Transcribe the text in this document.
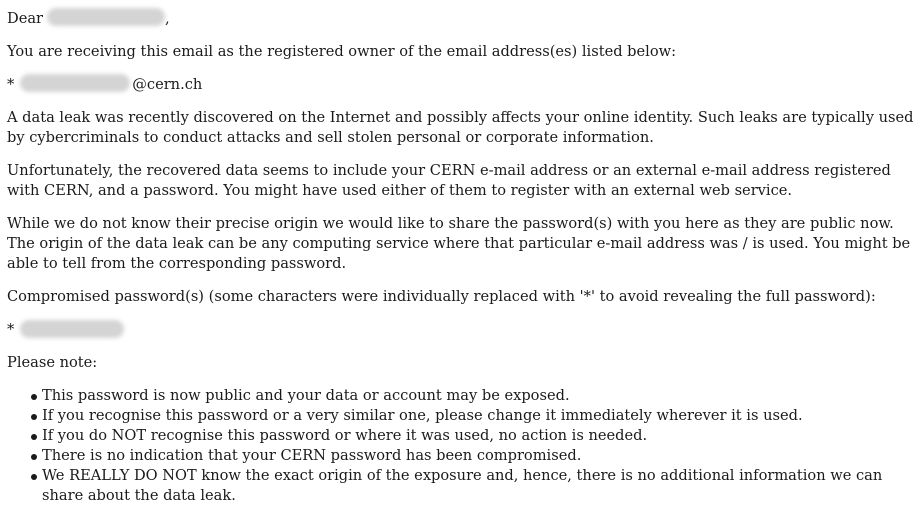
Dear	,

You are receiving this email as the registered owner of the email address(es) listed below:

*	@cern.ch

A data leak was recently discovered on the Internet and possibly affects your online identity. Such leaks are typically used by cybercriminals to conduct attacks and sell stolen personal or corporate information.

Unfortunately, the recovered data seems to include your CERN e-mail address or an external e-mail address registered with CERN, and a password. You might have used either of them to register with an external web service.

While we do not know their precise origin we would like to share the password(s) with you here as they are public now. The origin of the data leak can be any computing service where that particular e-mail address was / is used. You might be able to tell from the corresponding password.

Compromised password(s) (some characters were individually replaced with '*' to avoid revealing the full password):

*

Please note:

This password is now public and your data or account may be exposed.
If you recognise this password or a very similar one, please change it immediately wherever it is used.
If you do NOT recognise this password or where it was used, no action is needed.
There is no indication that your CERN password has been compromised.
We REALLY DO NOT know the exact origin of the exposure and, hence, there is no additional information we can share about the data leak.
